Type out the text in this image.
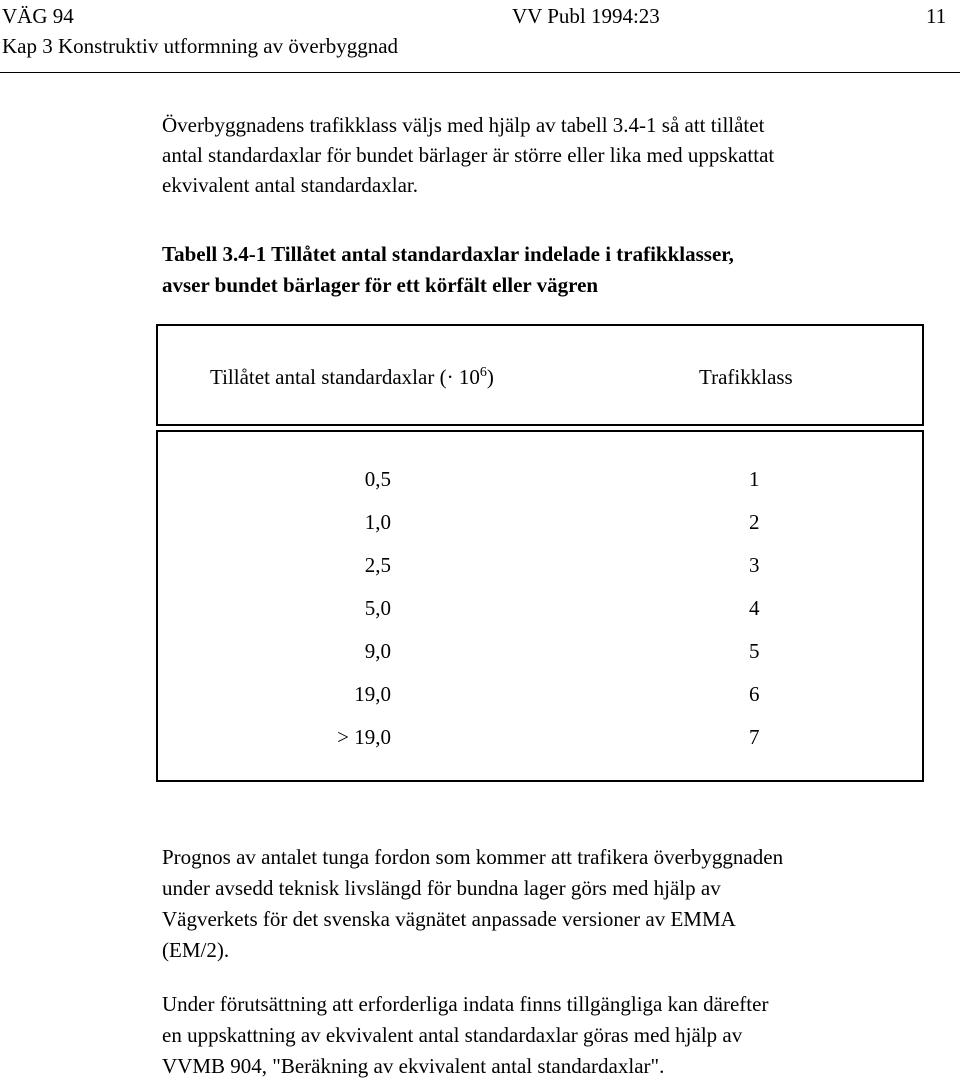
VÄG 94	VV Publ 1994:23	11
Kap 3 Konstruktiv utformning av överbyggnad
Överbyggnadens trafikklass väljs med hjälp av tabell 3.4-1 så att tillåtet
antal standardaxlar för bundet bärlager är större eller lika med uppskattat
ekvivalent antal standardaxlar.
Tabell 3.4-1 Tillåtet antal standardaxlar indelade i trafikklasser,
avser bundet bärlager för ett körfält eller vägren
Tillåtet antal standardaxlar (· $10^6$)	Trafikklass
0,5	1
1,0	2
2,5	3
5,0	4
9,0	5
19,0	6
> 19,0	7
Prognos av antalet tunga fordon som kommer att trafikera överbyggnaden
under avsedd teknisk livslängd för bundna lager görs med hjälp av
Vägverkets för det svenska vägnätet anpassade versioner av EMMA
(EM/2).
Under förutsättning att erforderliga indata finns tillgängliga kan därefter
en uppskattning av ekvivalent antal standardaxlar göras med hjälp av
VVMB 904, "Beräkning av ekvivalent antal standardaxlar".
